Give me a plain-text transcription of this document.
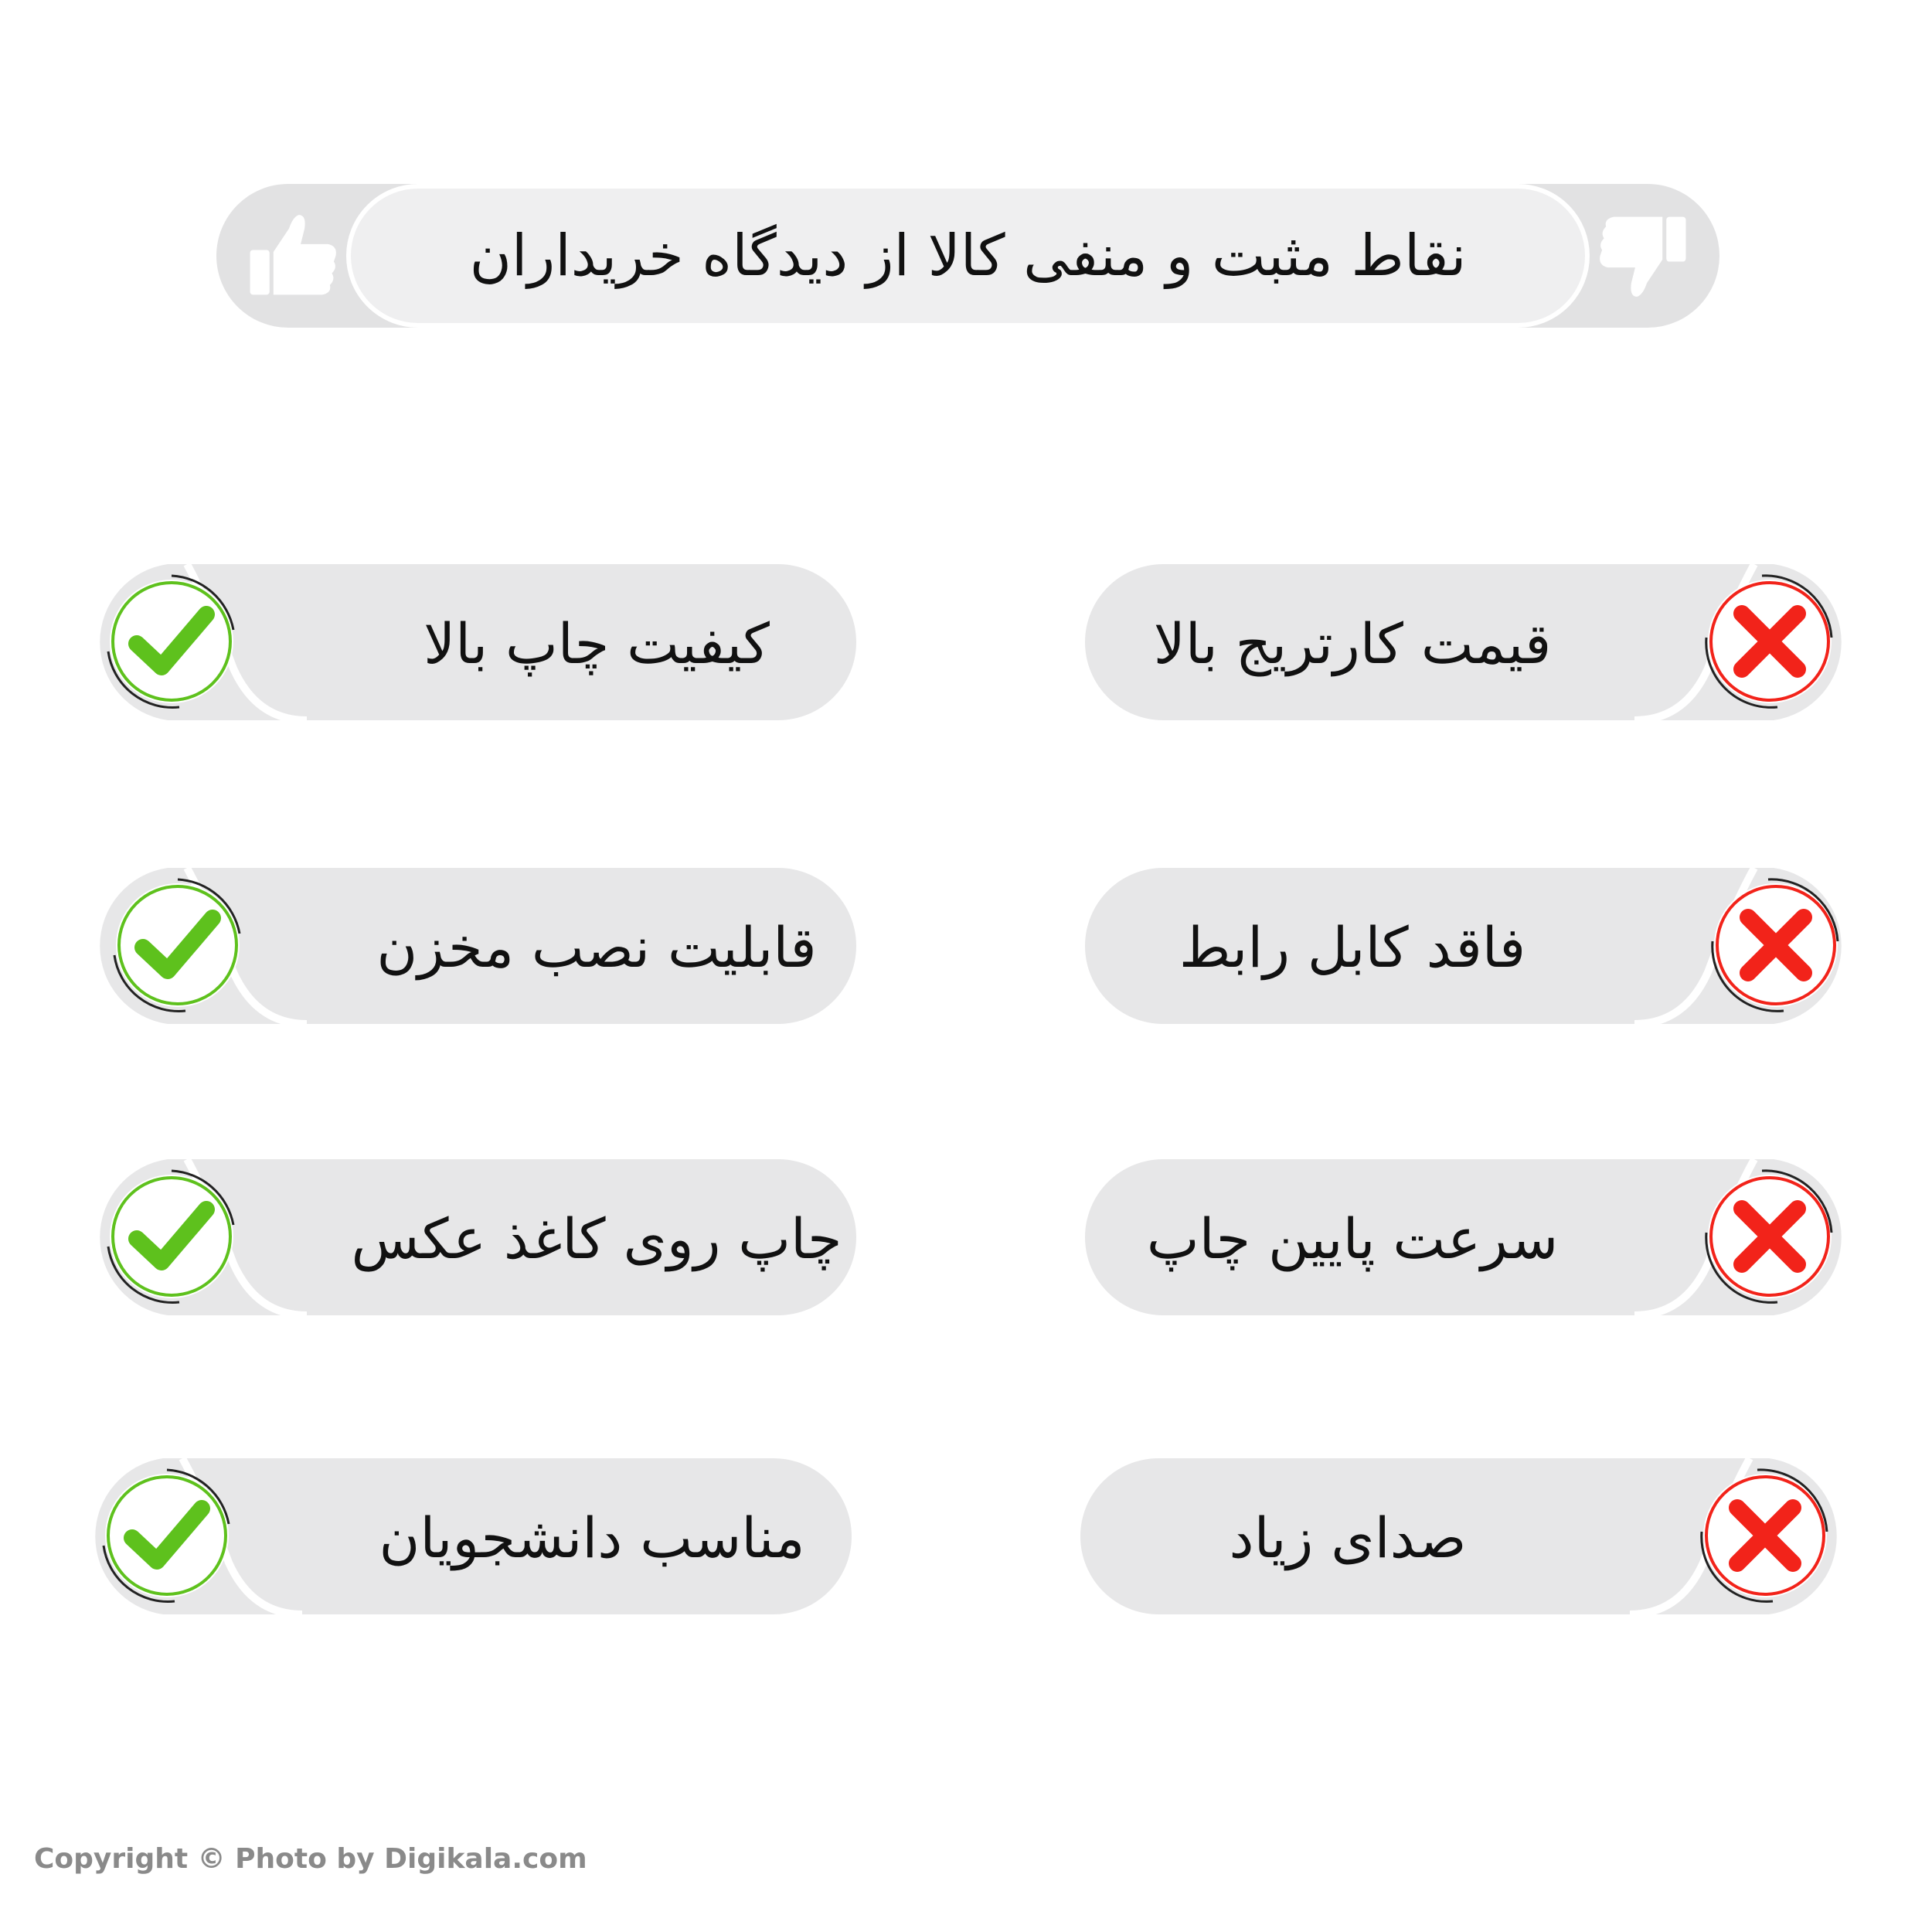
نقاط مثبت و منفی کالا از دیدگاه خریداران
کیفیت چاپ بالا
قابلیت نصب مخزن
چاپ روی کاغذ عکس
مناسب دانشجویان
قیمت کارتریج بالا
فاقد کابل رابط
سرعت پایین چاپ
صدای زیاد
Copyright © Photo by Digikala.com
